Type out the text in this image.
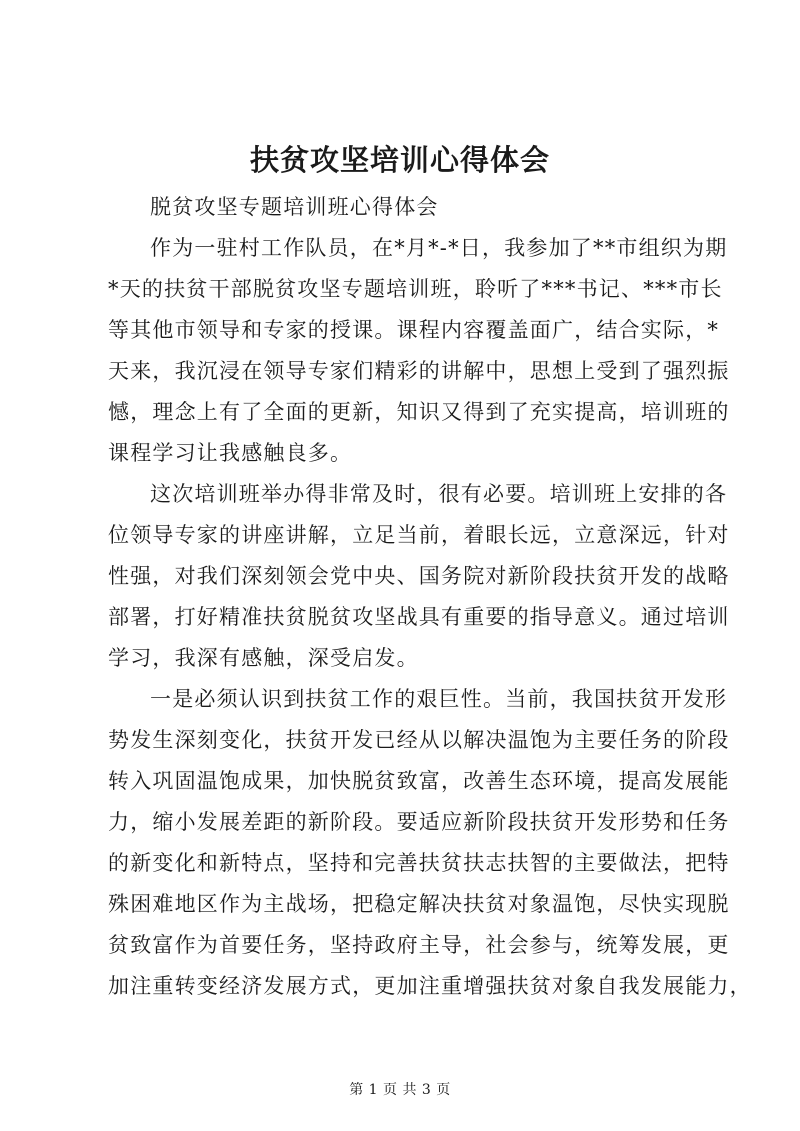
扶贫攻坚培训心得体会
脱贫攻坚专题培训班心得体会
作为一驻村工作队员，在*月*-*日，我参加了**市组织为期
*天的扶贫干部脱贫攻坚专题培训班，聆听了***书记、***市长
等其他市领导和专家的授课。课程内容覆盖面广，结合实际，*
天来，我沉浸在领导专家们精彩的讲解中，思想上受到了强烈振
憾，理念上有了全面的更新，知识又得到了充实提高，培训班的
课程学习让我感触良多。
这次培训班举办得非常及时，很有必要。培训班上安排的各
位领导专家的讲座讲解，立足当前，着眼长远，立意深远，针对
性强，对我们深刻领会党中央、国务院对新阶段扶贫开发的战略
部署，打好精准扶贫脱贫攻坚战具有重要的指导意义。通过培训
学习，我深有感触，深受启发。
一是必须认识到扶贫工作的艰巨性。当前，我国扶贫开发形
势发生深刻变化，扶贫开发已经从以解决温饱为主要任务的阶段
转入巩固温饱成果，加快脱贫致富，改善生态环境，提高发展能
力，缩小发展差距的新阶段。要适应新阶段扶贫开发形势和任务
的新变化和新特点，坚持和完善扶贫扶志扶智的主要做法，把特
殊困难地区作为主战场，把稳定解决扶贫对象温饱，尽快实现脱
贫致富作为首要任务，坚持政府主导，社会参与，统筹发展，更
加注重转变经济发展方式，更加注重增强扶贫对象自我发展能力，
第 1 页 共 3 页
